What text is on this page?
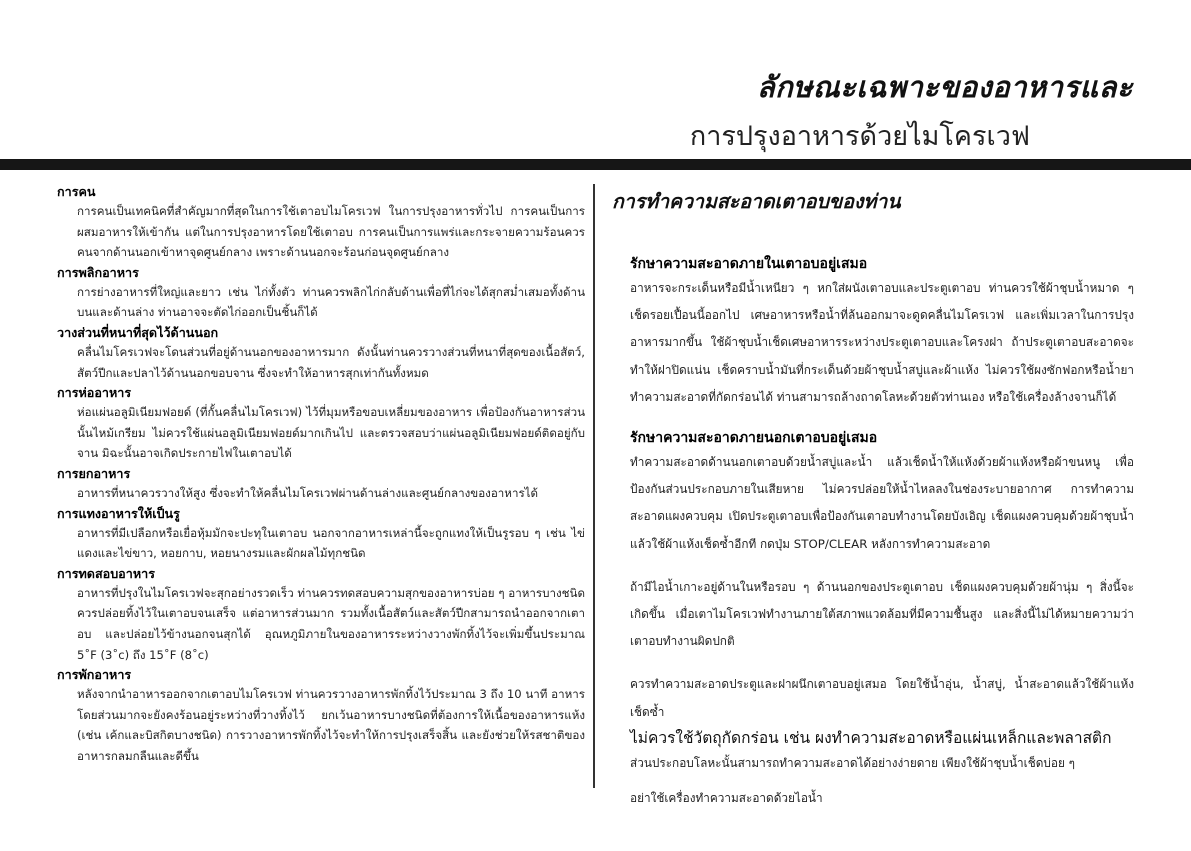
ลักษณะเฉพาะของอาหารและ
การปรุงอาหารด้วยไมโครเวฟ
การคน
การคนเป็นเทคนิคที่สำคัญมากที่สุดในการใช้เตาอบไมโครเวฟ ในการปรุงอาหารทั่วไป การคนเป็นการผสมอาหารให้เข้ากัน แต่ในการปรุงอาหารโดยใช้เตาอบ การคนเป็นการแพร่และกระจายความร้อนควรคนจากด้านนอกเข้าหาจุดศูนย์กลาง เพราะด้านนอกจะร้อนก่อนจุดศูนย์กลาง
การพลิกอาหาร
การย่างอาหารที่ใหญ่และยาว เช่น ไก่ทั้งตัว ท่านควรพลิกไก่กลับด้านเพื่อที่ไก่จะได้สุกสม่ำเสมอทั้งด้านบนและด้านล่าง ท่านอาจจะตัดไก่ออกเป็นชิ้นก็ได้
วางส่วนที่หนาที่สุดไว้ด้านนอก
คลื่นไมโครเวฟจะโดนส่วนที่อยู่ด้านนอกของอาหารมาก ดังนั้นท่านควรวางส่วนที่หนาที่สุดของเนื้อสัตว์, สัตว์ปีกและปลาไว้ด้านนอกขอบจาน ซึ่งจะทำให้อาหารสุกเท่ากันทั้งหมด
การห่ออาหาร
ห่อแผ่นอลูมิเนียมฟอยด์ (ที่กั้นคลื่นไมโครเวฟ) ไว้ที่มุมหรือขอบเหลี่ยมของอาหาร เพื่อป้องกันอาหารส่วนนั้นไหม้เกรียม ไม่ควรใช้แผ่นอลูมิเนียมฟอยด์มากเกินไป และตรวจสอบว่าแผ่นอลูมิเนียมฟอยด์ติดอยู่กับจาน มิฉะนั้นอาจเกิดประกายไฟในเตาอบได้
การยกอาหาร
อาหารที่หนาควรวางให้สูง ซึ่งจะทำให้คลื่นไมโครเวฟผ่านด้านล่างและศูนย์กลางของอาหารได้
การแทงอาหารให้เป็นรู
อาหารที่มีเปลือกหรือเยื่อหุ้มมักจะปะทุในเตาอบ นอกจากอาหารเหล่านี้จะถูกแทงให้เป็นรูรอบ ๆ เช่น ไข่แดงและไข่ขาว, หอยกาบ, หอยนางรมและผักผลไม้ทุกชนิด
การทดสอบอาหาร
อาหารที่ปรุงในไมโครเวฟจะสุกอย่างรวดเร็ว ท่านควรทดสอบความสุกของอาหารบ่อย ๆ อาหารบางชนิดควรปล่อยทิ้งไว้ในเตาอบจนเสร็จ แต่อาหารส่วนมาก รวมทั้งเนื้อสัตว์และสัตว์ปีกสามารถนำออกจากเตาอบ และปล่อยไว้ข้างนอกจนสุกได้ อุณหภูมิภายในของอาหารระหว่างวางพักทิ้งไว้จะเพิ่มขึ้นประมาณ 5˚F (3˚c) ถึง 15˚F (8˚c)
การพักอาหาร
หลังจากนำอาหารออกจากเตาอบไมโครเวฟ ท่านควรวางอาหารพักทิ้งไว้ประมาณ 3 ถึง 10 นาที อาหารโดยส่วนมากจะยังคงร้อนอยู่ระหว่างที่วางทิ้งไว้ ยกเว้นอาหารบางชนิดที่ต้องการให้เนื้อของอาหารแห้ง (เช่น เค้กและบิสกิตบางชนิด) การวางอาหารพักทิ้งไว้จะทำให้การปรุงเสร็จสิ้น และยังช่วยให้รสชาติของอาหารกลมกลืนและดีขึ้น
การทำความสะอาดเตาอบของท่าน
รักษาความสะอาดภายในเตาอบอยู่เสมอ
อาหารจะกระเด็นหรือมีน้ำเหนียว ๆ หกใส่ผนังเตาอบและประตูเตาอบ ท่านควรใช้ผ้าชุบน้ำหมาด ๆ เช็ดรอยเปื้อนนี้ออกไป เศษอาหารหรือน้ำที่ล้นออกมาจะดูดคลื่นไมโครเวฟ และเพิ่มเวลาในการปรุงอาหารมากขึ้น ใช้ผ้าชุบน้ำเช็ดเศษอาหารระหว่างประตูเตาอบและโครงฝา ถ้าประตูเตาอบสะอาดจะทำให้ฝาปิดแน่น เช็ดคราบน้ำมันที่กระเด็นด้วยผ้าชุบน้ำสบู่และผ้าแห้ง ไม่ควรใช้ผงซักฟอกหรือน้ำยาทำความสะอาดที่กัดกร่อนได้ ท่านสามารถล้างถาดโลหะด้วยตัวท่านเอง หรือใช้เครื่องล้างจานก็ได้
รักษาความสะอาดภายนอกเตาอบอยู่เสมอ
ทำความสะอาดด้านนอกเตาอบด้วยน้ำสบู่และน้ำ แล้วเช็ดน้ำให้แห้งด้วยผ้าแห้งหรือผ้าขนหนู เพื่อป้องกันส่วนประกอบภายในเสียหาย ไม่ควรปล่อยให้น้ำไหลลงในช่องระบายอากาศ การทำความสะอาดแผงควบคุม เปิดประตูเตาอบเพื่อป้องกันเตาอบทำงานโดยบังเอิญ เช็ดแผงควบคุมด้วยผ้าชุบน้ำแล้วใช้ผ้าแห้งเช็ดซ้ำอีกที กดปุ่ม STOP/CLEAR หลังการทำความสะอาด
ถ้ามีไอน้ำเกาะอยู่ด้านในหรือรอบ ๆ ด้านนอกของประตูเตาอบ เช็ดแผงควบคุมด้วยผ้านุ่ม ๆ สิ่งนี้จะเกิดขึ้น เมื่อเตาไมโครเวฟทำงานภายใต้สภาพแวดล้อมที่มีความชื้นสูง และสิ่งนี้ไม่ได้หมายความว่าเตาอบทำงานผิดปกติ
ควรทำความสะอาดประตูและฝาผนึกเตาอบอยู่เสมอ โดยใช้น้ำอุ่น, น้ำสบู่, น้ำสะอาดแล้วใช้ผ้าแห้งเช็ดซ้ำ
ไม่ควรใช้วัตถุกัดกร่อน เช่น ผงทำความสะอาดหรือแผ่นเหล็กและพลาสติก
ส่วนประกอบโลหะนั้นสามารถทำความสะอาดได้อย่างง่ายดาย เพียงใช้ผ้าชุบน้ำเช็ดบ่อย ๆ
อย่าใช้เครื่องทำความสะอาดด้วยไอน้ำ
